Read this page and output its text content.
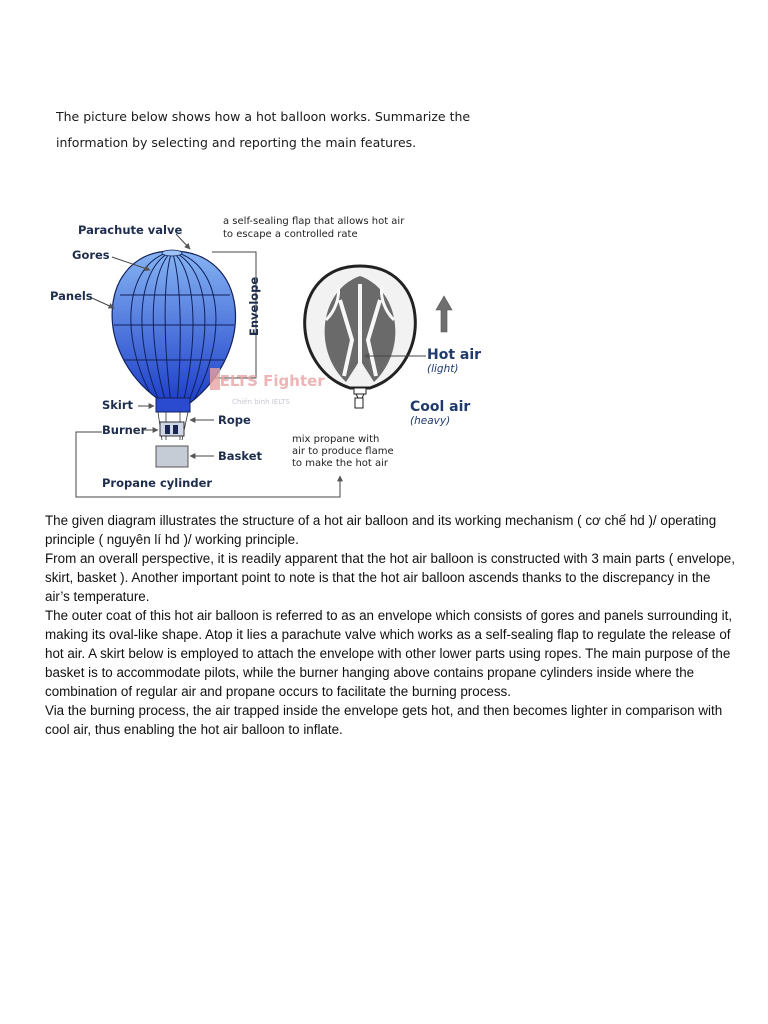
The picture below shows how a hot balloon works. Summarize the
information by selecting and reporting the main features.

Parachute valve
Gores
Panels
Skirt
Rope
Burner
Basket
Propane cylinder
Envelope
IELTS Fighter
Chiến binh IELTS
a self-sealing flap that allows hot air
to escape a controlled rate
mix propane with
air to produce flame
to make the hot air
Hot air
(light)
Cool air
(heavy)

The given diagram illustrates the structure of a hot air balloon and its working mechanism ( cơ chế hd )/ operating principle ( nguyên lí hd )/ working principle.

From an overall perspective, it is readily apparent that the hot air balloon is constructed with 3 main parts ( envelope, skirt, basket ). Another important point to note is that the hot air balloon ascends thanks to the discrepancy in the air’s temperature.

The outer coat of this hot air balloon is referred to as an envelope which consists of gores and panels surrounding it, making its oval-like shape. Atop it lies a parachute valve which works as a self-sealing flap to regulate the release of hot air. A skirt below is employed to attach the envelope with other lower parts using ropes. The main purpose of the basket is to accommodate pilots, while the burner hanging above contains propane cylinders inside where the combination of regular air and propane occurs to facilitate the burning process.

Via the burning process, the air trapped inside the envelope gets hot, and then becomes lighter in comparison with cool air, thus enabling the hot air balloon to inflate.
